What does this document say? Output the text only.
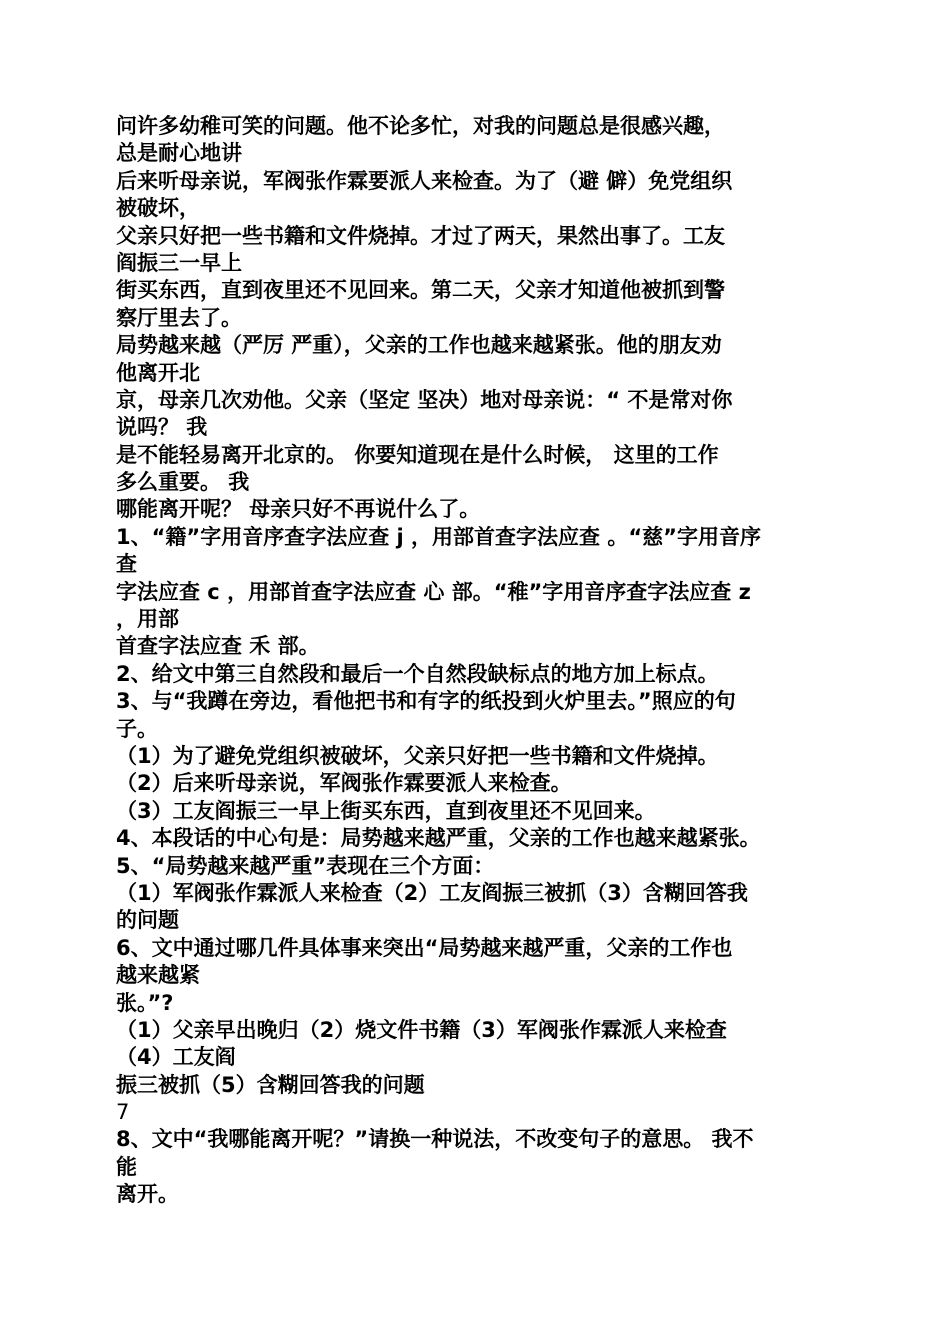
问许多幼稚可笑的问题。他不论多忙，对我的问题总是很感兴趣，
总是耐心地讲
后来听母亲说，军阀张作霖要派人来检查。为了（避 僻）免党组织
被破坏，
父亲只好把一些书籍和文件烧掉。才过了两天，果然出事了。工友
阎振三一早上
街买东西，直到夜里还不见回来。第二天，父亲才知道他被抓到警
察厅里去了。
局势越来越（严厉 严重），父亲的工作也越来越紧张。他的朋友劝
他离开北
京，母亲几次劝他。父亲（坚定 坚决）地对母亲说：“ 不是常对你
说吗？ 我
是不能轻易离开北京的。 你要知道现在是什么时候， 这里的工作
多么重要。 我
哪能离开呢？ 母亲只好不再说什么了。
1、“籍”字用音序查字法应查 j ，用部首查字法应查 。“慈”字用音序
查
字法应查 c ，用部首查字法应查 心 部。“稚”字用音序查字法应查 z
，用部
首查字法应查 禾 部。
2、给文中第三自然段和最后一个自然段缺标点的地方加上标点。
3、与“我蹲在旁边，看他把书和有字的纸投到火炉里去。”照应的句
子。
（1）为了避免党组织被破坏，父亲只好把一些书籍和文件烧掉。
（2）后来听母亲说，军阀张作霖要派人来检查。
（3）工友阎振三一早上街买东西，直到夜里还不见回来。
4、本段话的中心句是：局势越来越严重，父亲的工作也越来越紧张。
5、“局势越来越严重”表现在三个方面：
（1）军阀张作霖派人来检查（2）工友阎振三被抓（3）含糊回答我
的问题
6、文中通过哪几件具体事来突出“局势越来越严重，父亲的工作也
越来越紧
张。”?
（1）父亲早出晚归（2）烧文件书籍（3）军阀张作霖派人来检查
（4）工友阎
振三被抓（5）含糊回答我的问题
7
8、文中“我哪能离开呢？”请换一种说法，不改变句子的意思。 我不
能
离开。
